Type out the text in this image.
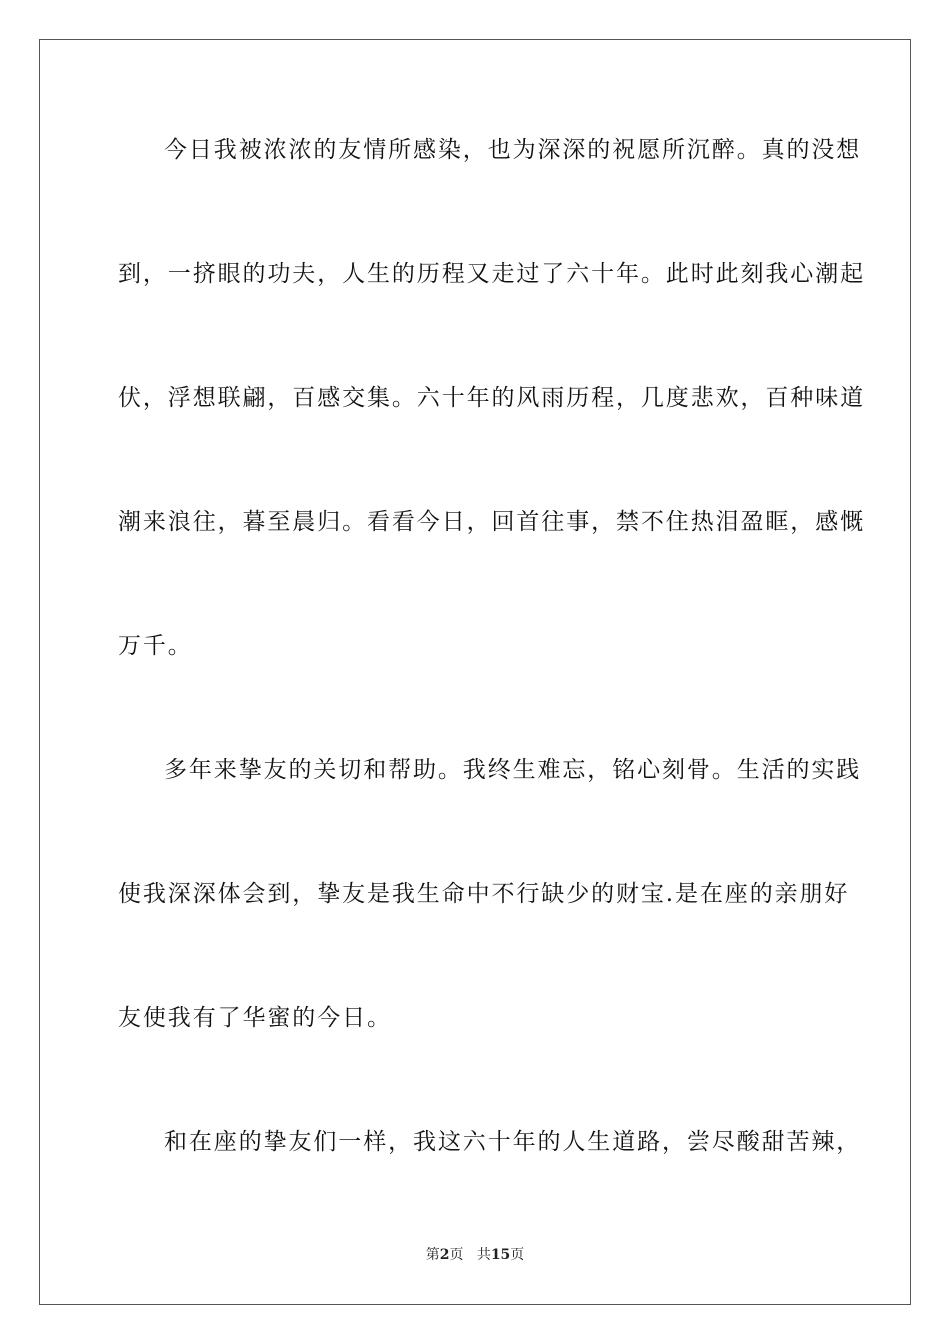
今日我被浓浓的友情所感染，也为深深的祝愿所沉醉。真的没想
到，一挤眼的功夫，人生的历程又走过了六十年。此时此刻我心潮起
伏，浮想联翩，百感交集。六十年的风雨历程，几度悲欢，百种味道
潮来浪往，暮至晨归。看看今日，回首往事，禁不住热泪盈眶，感慨
万千。
多年来挚友的关切和帮助。我终生难忘，铭心刻骨。生活的实践
使我深深体会到，挚友是我生命中不行缺少的财宝.是在座的亲朋好
友使我有了华蜜的今日。
和在座的挚友们一样，我这六十年的人生道路，尝尽酸甜苦辣，
第2页 共15页
